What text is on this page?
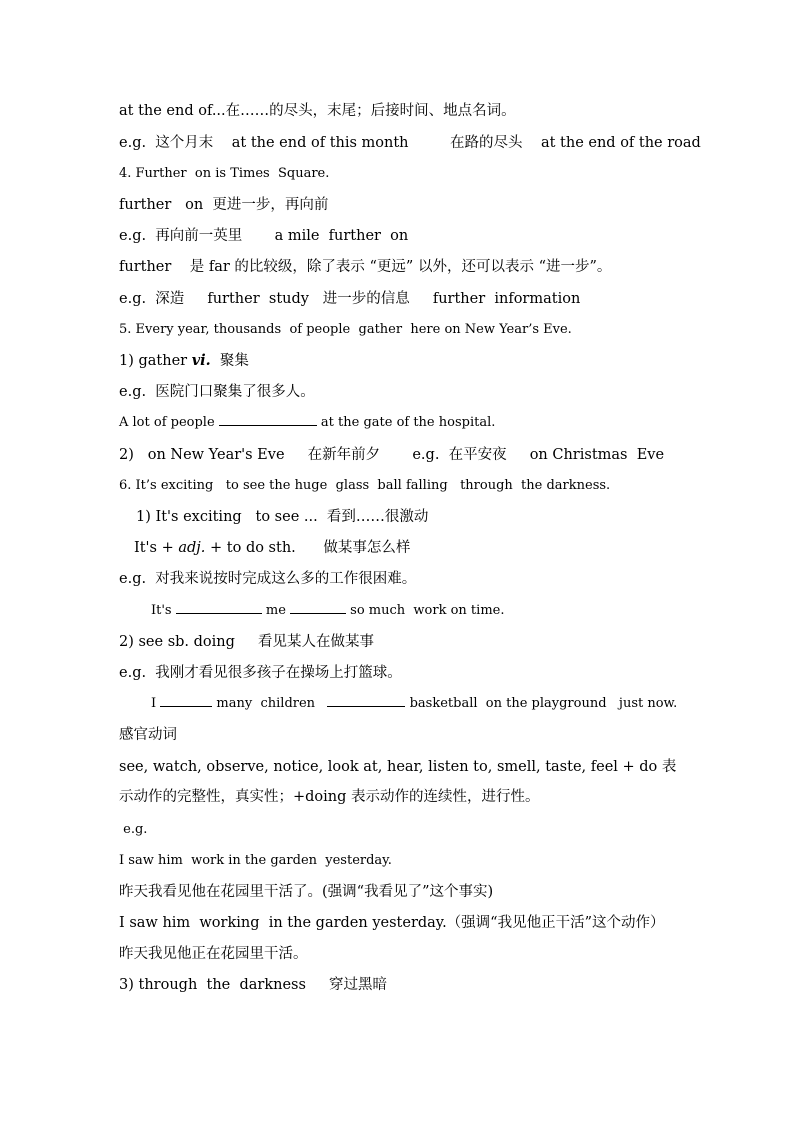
at the end of...在……的尽头，末尾；后接时间、地点名词。
e.g.  这个月末    at the end of this month         在路的尽头    at the end of the road
4. Further  on is Times  Square.
further   on  更进一步，再向前
e.g.  再向前一英里       a mile  further  on
further    是 far 的比较级，除了表示 “更远” 以外，还可以表示 “进一步”。
e.g.  深造     further  study   进一步的信息     further  information
5. Every year, thousands  of people  gather  here on New Year’s Eve.
1) gather vi.  聚集
e.g.  医院门口聚集了很多人。
A lot of people	at the gate of the hospital.
2)   on New Year's Eve     在新年前夕       e.g.  在平安夜     on Christmas  Eve
6. It’s exciting   to see the huge  glass  ball falling   through  the darkness.
1) It's exciting   to see ...  看到……很激动
It's + adj. + to do sth.      做某事怎么样
e.g.  对我来说按时完成这么多的工作很困难。
It's	me	so much  work on time.
2) see sb. doing     看见某人在做某事
e.g.  我刚才看见很多孩子在操场上打篮球。
I	many  children	basketball  on the playground   just now.
感官动词
see, watch, observe, notice, look at, hear, listen to, smell, taste, feel + do 表示动作的完整性，真实性；+doing 表示动作的连续性，进行性。
e.g.
I saw him  work in the garden  yesterday.
昨天我看见他在花园里干活了。(强调“我看见了”这个事实)
I saw him  working  in the garden yesterday.（强调“我见他正干活”这个动作）
昨天我见他正在花园里干活。
3) through  the  darkness     穿过黑暗
